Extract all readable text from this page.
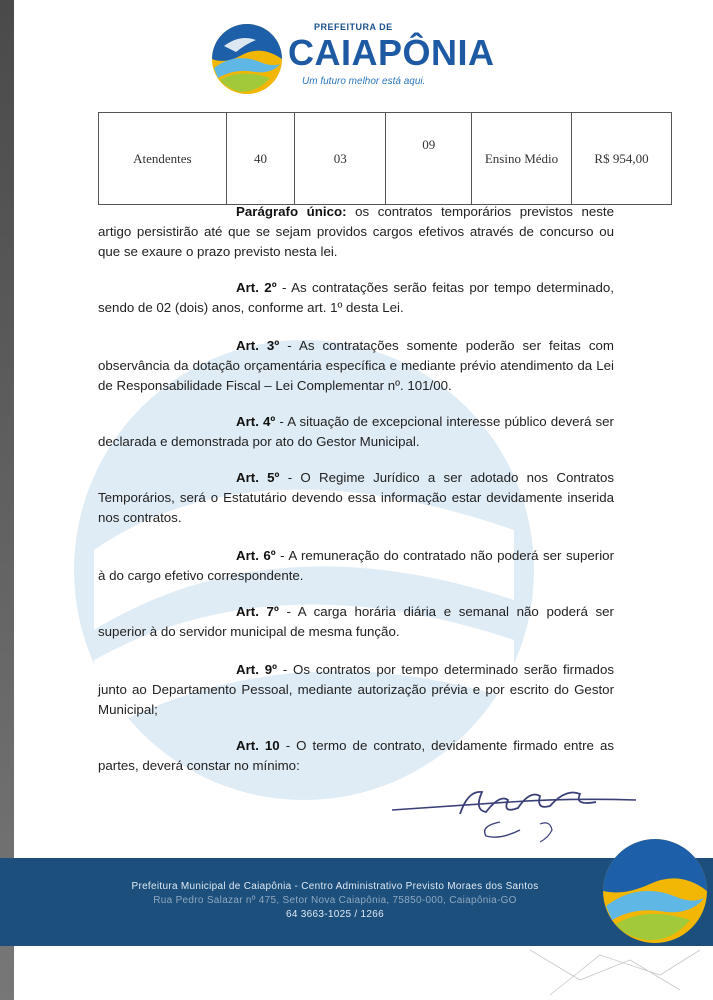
PREFEITURA DE
CAIAPÔNIA
Um futuro melhor está aqui.
Atendentes	40	03	09	Ensino Médio	R$ 954,00
Parágrafo único: os contratos temporários previstos neste artigo persistirão até que se sejam providos cargos efetivos através de concurso ou que se exaure o prazo previsto nesta lei.
Art. 2º - As contratações serão feitas por tempo determinado, sendo de 02 (dois) anos, conforme art. 1º desta Lei.
Art. 3º - As contratações somente poderão ser feitas com observância da dotação orçamentária específica e mediante prévio atendimento da Lei de Responsabilidade Fiscal – Lei Complementar nº. 101/00.
Art. 4º - A situação de excepcional interesse público deverá ser declarada e demonstrada por ato do Gestor Municipal.
Art. 5º - O Regime Jurídico a ser adotado nos Contratos Temporários, será o Estatutário devendo essa informação estar devidamente inserida nos contratos.
Art. 6º - A remuneração do contratado não poderá ser superior à do cargo efetivo correspondente.
Art. 7º - A carga horária diária e semanal não poderá ser superior à do servidor municipal de mesma função.
Art. 9º - Os contratos por tempo determinado serão firmados junto ao Departamento Pessoal, mediante autorização prévia e por escrito do Gestor Municipal;
Art. 10 - O termo de contrato, devidamente firmado entre as partes, deverá constar no mínimo:
Prefeitura Municipal de Caiapônia - Centro Administrativo Previsto Moraes dos Santos
Rua Pedro Salazar nº 475, Setor Nova Caiapônia, 75850-000, Caiapônia-GO
64 3663-1025 / 1266
